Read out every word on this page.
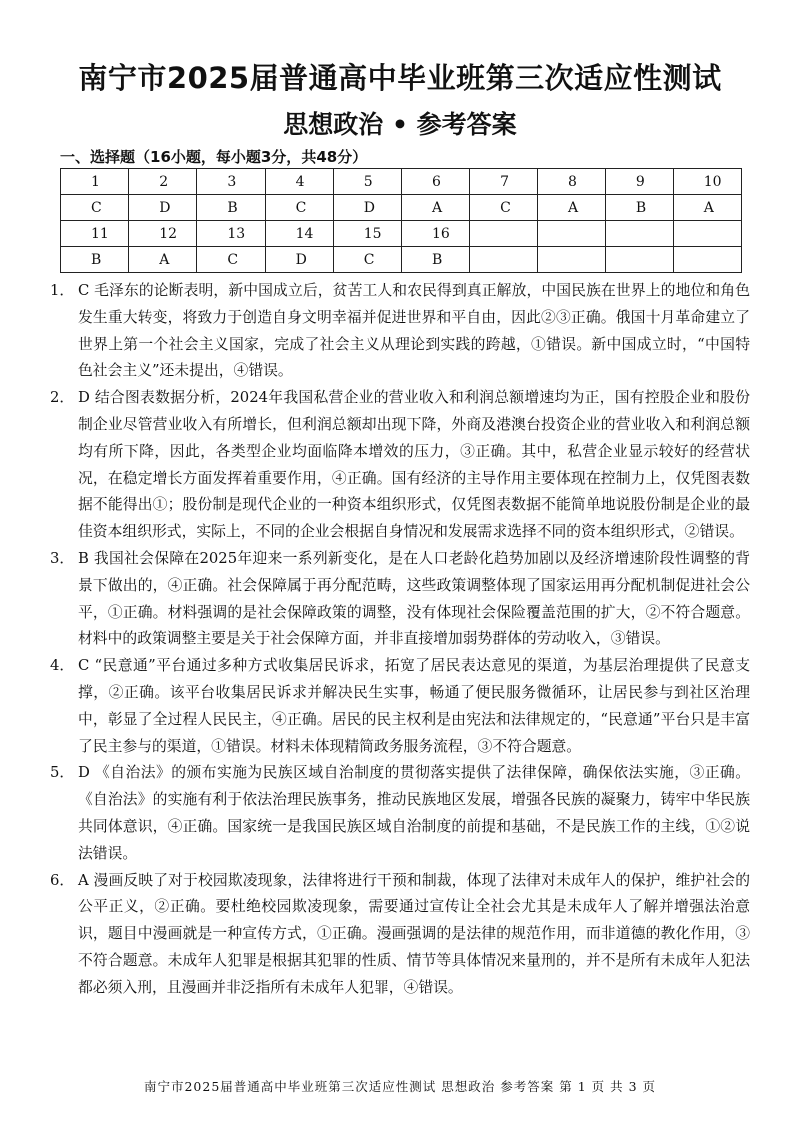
南宁市2025届普通高中毕业班第三次适应性测试
思想政治 • 参考答案
一、选择题（16小题，每小题3分，共48分）
1	2	3	4	5	6	7	8	9	10
C	D	B	C	D	A	C	A	B	A
11	12	13	14	15	16				
B	A	C	D	C	B				
1． C 毛泽东的论断表明，新中国成立后，贫苦工人和农民得到真正解放，中国民族在世界上的地位和角色发生重大转变，将致力于创造自身文明幸福并促进世界和平自由，因此②③正确。俄国十月革命建立了世界上第一个社会主义国家，完成了社会主义从理论到实践的跨越，①错误。新中国成立时，“中国特色社会主义”还未提出，④错误。
2． D 结合图表数据分析，2024年我国私营企业的营业收入和利润总额增速均为正，国有控股企业和股份制企业尽管营业收入有所增长，但利润总额却出现下降，外商及港澳台投资企业的营业收入和利润总额均有所下降，因此，各类型企业均面临降本增效的压力，③正确。其中，私营企业显示较好的经营状况，在稳定增长方面发挥着重要作用，④正确。国有经济的主导作用主要体现在控制力上，仅凭图表数据不能得出①；股份制是现代企业的一种资本组织形式，仅凭图表数据不能简单地说股份制是企业的最佳资本组织形式，实际上，不同的企业会根据自身情况和发展需求选择不同的资本组织形式，②错误。
3． B 我国社会保障在2025年迎来一系列新变化，是在人口老龄化趋势加剧以及经济增速阶段性调整的背景下做出的，④正确。社会保障属于再分配范畴，这些政策调整体现了国家运用再分配机制促进社会公平，①正确。材料强调的是社会保障政策的调整，没有体现社会保险覆盖范围的扩大，②不符合题意。材料中的政策调整主要是关于社会保障方面，并非直接增加弱势群体的劳动收入，③错误。
4． C “民意通”平台通过多种方式收集居民诉求，拓宽了居民表达意见的渠道，为基层治理提供了民意支撑，②正确。该平台收集居民诉求并解决民生实事，畅通了便民服务微循环，让居民参与到社区治理中，彰显了全过程人民民主，④正确。居民的民主权利是由宪法和法律规定的，“民意通”平台只是丰富了民主参与的渠道，①错误。材料未体现精简政务服务流程，③不符合题意。
5． D 《自治法》的颁布实施为民族区域自治制度的贯彻落实提供了法律保障，确保依法实施，③正确。《自治法》的实施有利于依法治理民族事务，推动民族地区发展，增强各民族的凝聚力，铸牢中华民族共同体意识，④正确。国家统一是我国民族区域自治制度的前提和基础，不是民族工作的主线，①②说法错误。
6． A 漫画反映了对于校园欺凌现象，法律将进行干预和制裁，体现了法律对未成年人的保护，维护社会的公平正义，②正确。要杜绝校园欺凌现象，需要通过宣传让全社会尤其是未成年人了解并增强法治意识，题目中漫画就是一种宣传方式，①正确。漫画强调的是法律的规范作用，而非道德的教化作用，③不符合题意。未成年人犯罪是根据其犯罪的性质、情节等具体情况来量刑的，并不是所有未成年人犯法都必须入刑，且漫画并非泛指所有未成年人犯罪，④错误。
南宁市2025届普通高中毕业班第三次适应性测试 思想政治 参考答案 第 1 页 共 3 页
